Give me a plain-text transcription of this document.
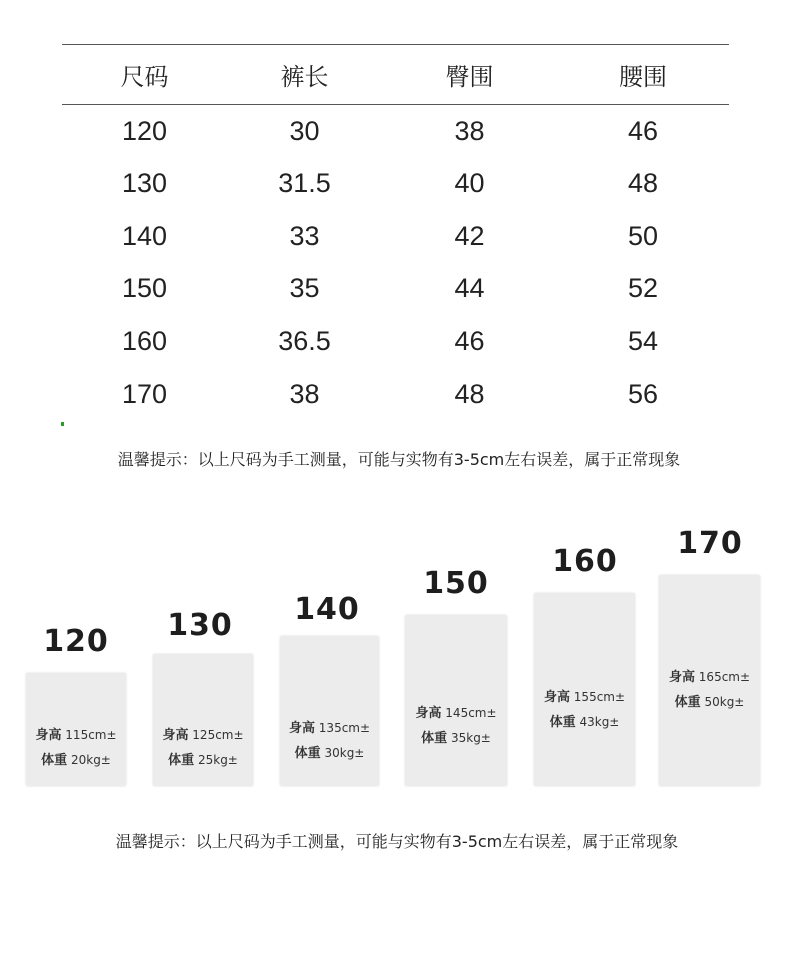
尺码	裤长	臀围	腰围
120	30	38	46
130	31.5	40	48
140	33	42	50
150	35	44	52
160	36.5	46	54
170	38	48	56
温馨提示：以上尺码为手工测量，可能与实物有3-5cm左右误差，属于正常现象
120
身高 115cm±
体重 20kg±
130
身高 125cm±
体重 25kg±
140
身高 135cm±
体重 30kg±
150
身高 145cm±
体重 35kg±
160
身高 155cm±
体重 43kg±
170
身高 165cm±
体重 50kg±
温馨提示：以上尺码为手工测量，可能与实物有3-5cm左右误差，属于正常现象
